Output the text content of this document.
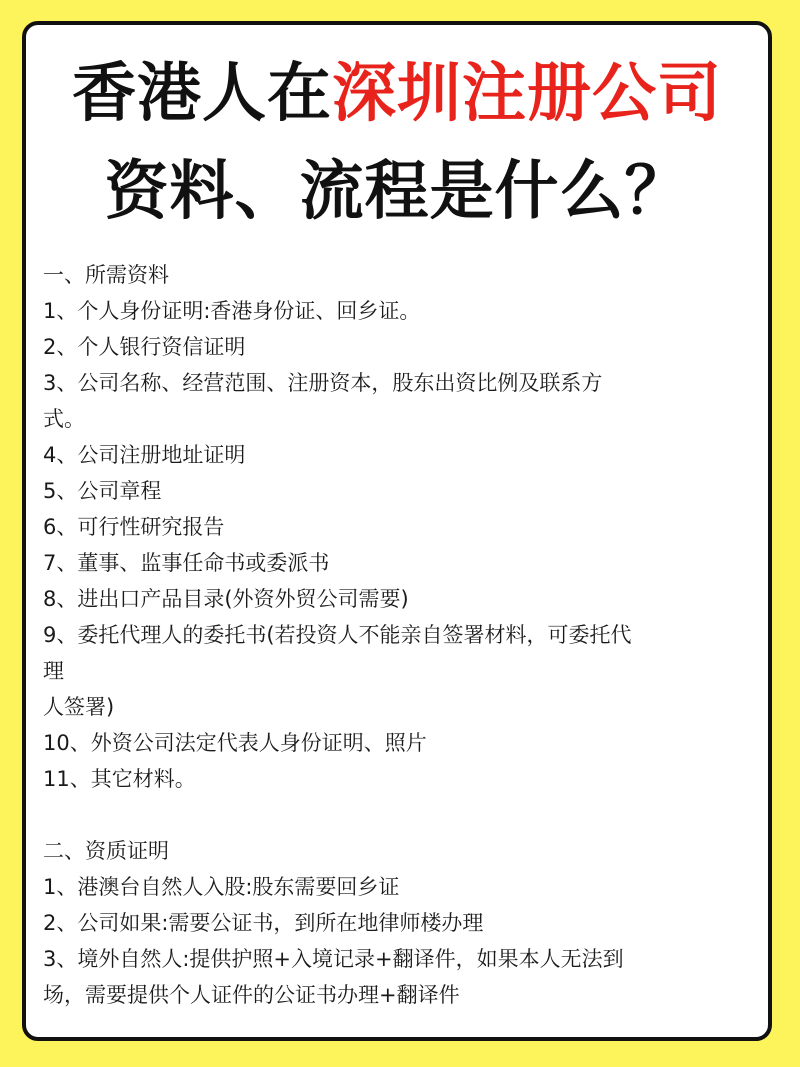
香港人在深圳注册公司
资料、流程是什么？
一、所需资料
1、个人身份证明:香港身份证、回乡证。
2、个人银行资信证明
3、公司名称、经营范围、注册资本，股东出资比例及联系方
式。
4、公司注册地址证明
5、公司章程
6、可行性研究报告
7、董事、监事任命书或委派书
8、进出口产品目录(外资外贸公司需要)
9、委托代理人的委托书(若投资人不能亲自签署材料，可委托代
理
人签署)
10、外资公司法定代表人身份证明、照片
11、其它材料。
二、资质证明
1、港澳台自然人入股:股东需要回乡证
2、公司如果:需要公证书，到所在地律师楼办理
3、境外自然人:提供护照+入境记录+翻译件，如果本人无法到
场，需要提供个人证件的公证书办理+翻译件
